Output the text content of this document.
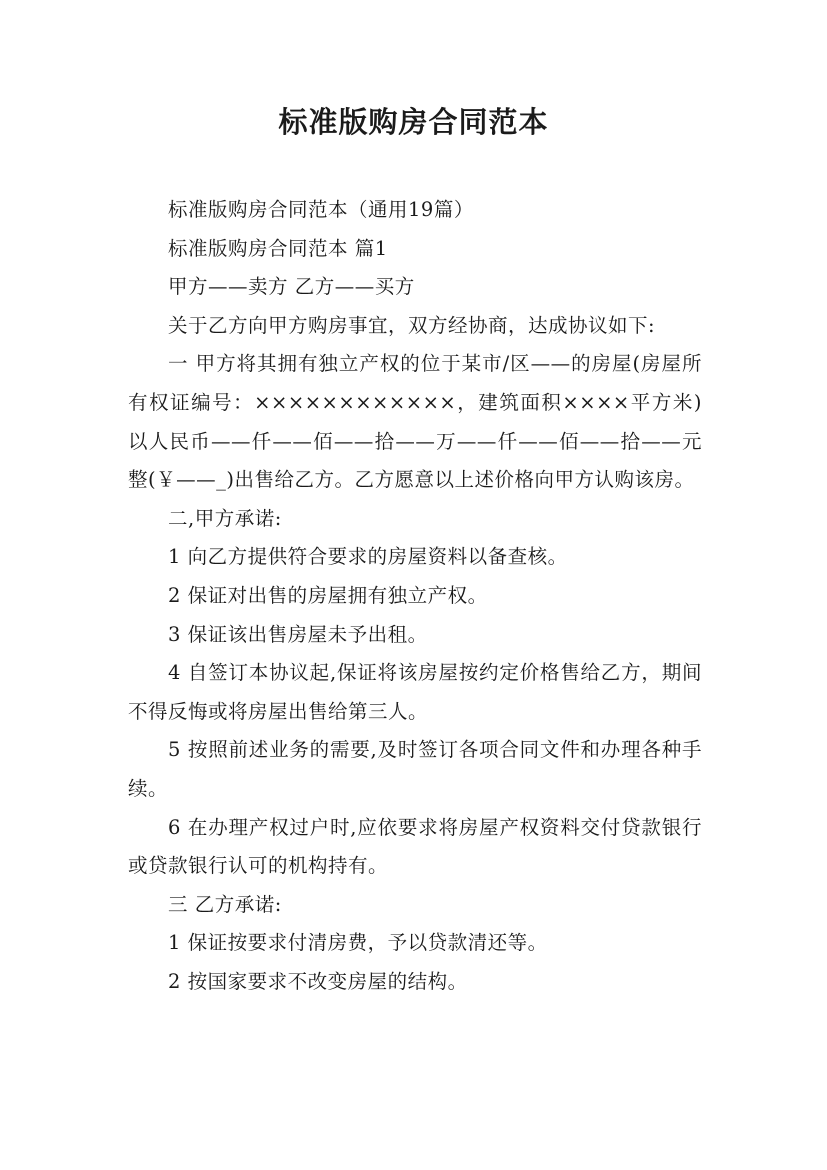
标准版购房合同范本

标准版购房合同范本（通用19篇）

标准版购房合同范本 篇1

甲方——卖方 乙方——买方

关于乙方向甲方购房事宜，双方经协商，达成协议如下:

一 甲方将其拥有独立产权的位于某市/区——的房屋(房屋所有权证编号：××××××××××××，建筑面积××××平方米)以人民币——仟——佰——拾——万——仟——佰——拾——元整(￥——_)出售给乙方。乙方愿意以上述价格向甲方认购该房。

二,甲方承诺:

1 向乙方提供符合要求的房屋资料以备查核。

2 保证对出售的房屋拥有独立产权。

3 保证该出售房屋未予出租。

4 自签订本协议起,保证将该房屋按约定价格售给乙方，期间不得反悔或将房屋出售给第三人。

5 按照前述业务的需要,及时签订各项合同文件和办理各种手续。

6 在办理产权过户时,应依要求将房屋产权资料交付贷款银行或贷款银行认可的机构持有。

三 乙方承诺:

1 保证按要求付清房费，予以贷款清还等。

2 按国家要求不改变房屋的结构。
